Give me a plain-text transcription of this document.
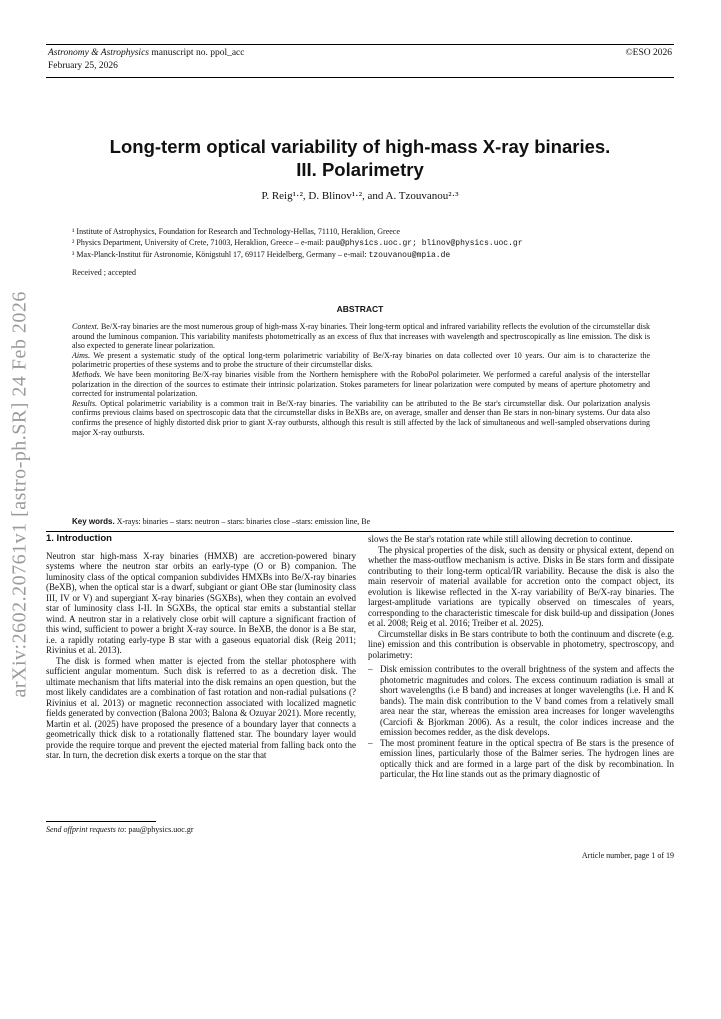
Astronomy & Astrophysics manuscript no. ppol_acc
February 25, 2026
©ESO 2026
arXiv:2602.20761v1 [astro-ph.SR] 24 Feb 2026
Long-term optical variability of high-mass X-ray binaries.
III. Polarimetry
P. Reig¹·², D. Blinov¹·², and A. Tzouvanou²·³
¹ Institute of Astrophysics, Foundation for Research and Technology-Hellas, 71110, Heraklion, Greece
² Physics Department, University of Crete, 71003, Heraklion, Greece – e-mail: pau@physics.uoc.gr; blinov@physics.uoc.gr
³ Max-Planck-Institut für Astronomie, Königstuhl 17, 69117 Heidelberg, Germany – e-mail: tzouvanou@mpia.de
Received ; accepted
ABSTRACT

Context. Be/X-ray binaries are the most numerous group of high-mass X-ray binaries. Their long-term optical and infrared variability reflects the evolution of the circumstellar disk around the luminous companion. This variability manifests photometrically as an excess of flux that increases with wavelength and spectroscopically as line emission. The disk is also expected to generate linear polarization.

Aims. We present a systematic study of the optical long-term polarimetric variability of Be/X-ray binaries on data collected over 10 years. Our aim is to characterize the polarimetric properties of these systems and to probe the structure of their circumstellar disks.

Methods. We have been monitoring Be/X-ray binaries visible from the Northern hemisphere with the RoboPol polarimeter. We performed a careful analysis of the interstellar polarization in the direction of the sources to estimate their intrinsic polarization. Stokes parameters for linear polarization were computed by means of aperture photometry and corrected for instrumental polarization.

Results. Optical polarimetric variability is a common trait in Be/X-ray binaries. The variability can be attributed to the Be star's circumstellar disk. Our polarization analysis confirms previous claims based on spectroscopic data that the circumstellar disks in BeXBs are, on average, smaller and denser than Be stars in non-binary systems. Our data also confirms the presence of highly distorted disk prior to giant X-ray outbursts, although this result is still affected by the lack of simultaneous and well-sampled observations during major X-ray outbursts.

Key words. X-rays: binaries – stars: neutron – stars: binaries close –stars: emission line, Be
1. Introduction

Neutron star high-mass X-ray binaries (HMXB) are accretion-powered binary systems where the neutron star orbits an early-type (O or B) companion. The luminosity class of the optical companion subdivides HMXBs into Be/X-ray binaries (BeXB), when the optical star is a dwarf, subgiant or giant OBe star (luminosity class III, IV or V) and supergiant X-ray binaries (SGXBs), when they contain an evolved star of luminosity class I-II. In SGXBs, the optical star emits a substantial stellar wind. A neutron star in a relatively close orbit will capture a significant fraction of this wind, sufficient to power a bright X-ray source. In BeXB, the donor is a Be star, i.e. a rapidly rotating early-type B star with a gaseous equatorial disk (Reig 2011; Rivinius et al. 2013).

The disk is formed when matter is ejected from the stellar photosphere with sufficient angular momentum. Such disk is referred to as a decretion disk. The ultimate mechanism that lifts material into the disk remains an open question, but the most likely candidates are a combination of fast rotation and non-radial pulsations (?Rivinius et al. 2013) or magnetic reconnection associated with localized magnetic fields generated by convection (Balona 2003; Balona & Ozuyar 2021). More recently, Martin et al. (2025) have proposed the presence of a boundary layer that connects a geometrically thick disk to a rotationally flattened star. The boundary layer would provide the require torque and prevent the ejected material from falling back onto the star. In turn, the decretion disk exerts a torque on the star that

slows the Be star's rotation rate while still allowing decretion to continue.

The physical properties of the disk, such as density or physical extent, depend on whether the mass-outflow mechanism is active. Disks in Be stars form and dissipate contributing to their long-term optical/IR variability. Because the disk is also the main reservoir of material available for accretion onto the compact object, its evolution is likewise reflected in the X-ray variability of Be/X-ray binaries. The largest-amplitude variations are typically observed on timescales of years, corresponding to the characteristic timescale for disk build-up and dissipation (Jones et al. 2008; Reig et al. 2016; Treiber et al. 2025).

Circumstellar disks in Be stars contribute to both the continuum and discrete (e.g. line) emission and this contribution is observable in photometry, spectroscopy, and polarimetry:

– Disk emission contributes to the overall brightness of the system and affects the photometric magnitudes and colors. The excess continuum radiation is small at short wavelengths (i.e B band) and increases at longer wavelengths (i.e. H and K bands). The main disk contribution to the V band comes from a relatively small area near the star, whereas the emission area increases for longer wavelengths (Carciofi & Bjorkman 2006). As a result, the color indices increase and the emission becomes redder, as the disk develops.
– The most prominent feature in the optical spectra of Be stars is the presence of emission lines, particularly those of the Balmer series. The hydrogen lines are optically thick and are formed in a large part of the disk by recombination. In particular, the Hα line stands out as the primary diagnostic of
Send offprint requests to: pau@physics.uoc.gr
Article number, page 1 of 19
